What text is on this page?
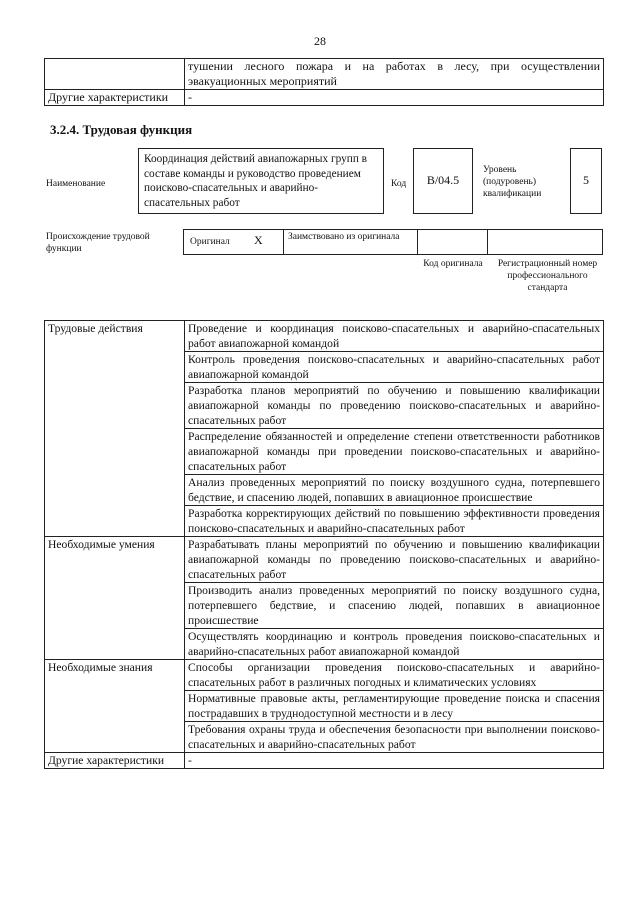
28
	тушении лесного пожара и на работах в лесу, при осуществлении эвакуационных мероприятий
Другие характеристики	-
3.2.4. Трудовая функция
Наименование
Координация действий авиапожарных групп в составе команды и руководство проведением поисково-спасательных и аварийно-спасательных работ
Код	B/04.5
Уровень (подуровень) квалификации
5
Происхождение трудовой функции
Оригинал X	Заимствовано из оригинала
Код оригинала	Регистрационный номер профессионального стандарта
Трудовые действия	Проведение и координация поисково-спасательных и аварийно-спасательных работ авиапожарной командой
	Контроль проведения поисково-спасательных и аварийно-спасательных работ авиапожарной командой
	Разработка планов мероприятий по обучению и повышению квалификации авиапожарной команды по проведению поисково-спасательных и аварийно-спасательных работ
	Распределение обязанностей и определение степени ответственности работников авиапожарной команды при проведении поисково-спасательных и аварийно-спасательных работ
	Анализ проведенных мероприятий по поиску воздушного судна, потерпевшего бедствие, и спасению людей, попавших в авиационное происшествие
	Разработка корректирующих действий по повышению эффективности проведения поисково-спасательных и аварийно-спасательных работ
Необходимые умения	Разрабатывать планы мероприятий по обучению и повышению квалификации авиапожарной команды по проведению поисково-спасательных и аварийно-спасательных работ
	Производить анализ проведенных мероприятий по поиску воздушного судна, потерпевшего бедствие, и спасению людей, попавших в авиационное происшествие
	Осуществлять координацию и контроль проведения поисково-спасательных и аварийно-спасательных работ авиапожарной командой
Необходимые знания	Способы организации проведения поисково-спасательных и аварийно-спасательных работ в различных погодных и климатических условиях
	Нормативные правовые акты, регламентирующие проведение поиска и спасения пострадавших в труднодоступной местности и в лесу
	Требования охраны труда и обеспечения безопасности при выполнении поисково-спасательных и аварийно-спасательных работ
Другие характеристики	-
